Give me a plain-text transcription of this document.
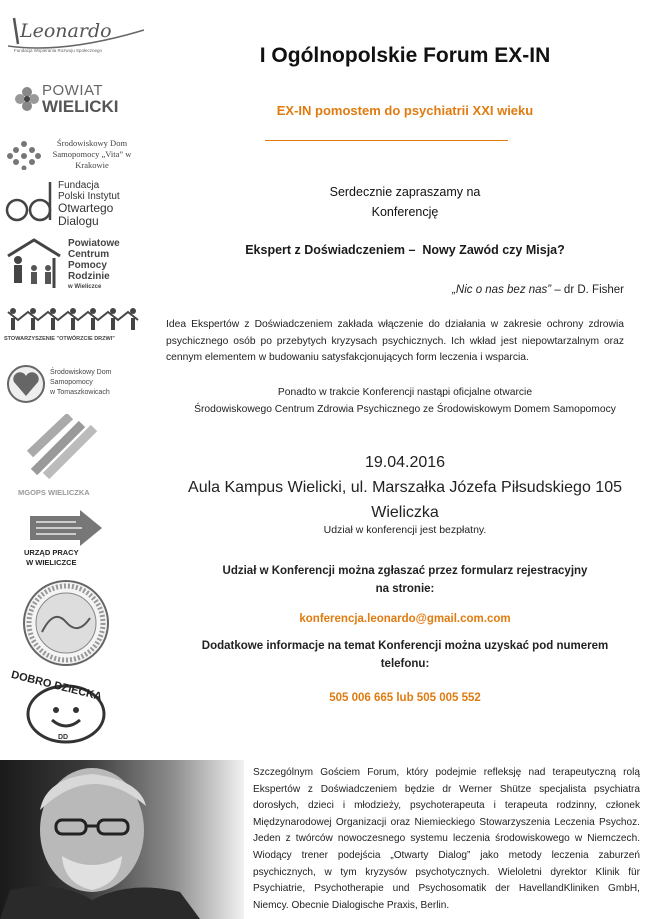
Leonardo
Fundacja Wspierania Rozwoju Społecznego
POWIAT
WIELICKI
Środowiskowy Dom Samopomocy „Vita” w Krakowie
Fundacja
Polski Instytut
Otwartego
Dialogu
Powiatowe
Centrum
Pomocy
Rodzinie
w Wieliczce
STOWARZYSZENIE "OTWÓRZCIE DRZWI"
Środowiskowy Dom
Samopomocy
w Tomaszkowicach
MGOPS WIELICZKA
URZĄD PRACY
W WIELICZCE
DOBRO DZIECKA
DD
I Ogólnopolskie Forum EX-IN
EX-IN pomostem do psychiatrii XXI wieku
Serdecznie zapraszamy na
Konferencję
Ekspert z Doświadczeniem –  Nowy Zawód czy Misja?
„Nic o nas bez nas” – dr D. Fisher
Idea Ekspertów z Doświadczeniem zakłada włączenie do działania w zakresie ochrony zdrowia psychicznego osób po przebytych kryzysach psychicznych. Ich wkład jest niepowtarzalnym oraz cennym elementem w budowaniu satysfakcjonujących form leczenia i wsparcia.
Ponadto w trakcie Konferencji nastąpi oficjalne otwarcie
Środowiskowego Centrum Zdrowia Psychicznego ze Środowiskowym Domem Samopomocy
19.04.2016
Aula Kampus Wielicki, ul. Marszałka Józefa Piłsudskiego 105
Wieliczka
Udział w konferencji jest bezpłatny.
Udział w Konferencji można zgłaszać przez formularz rejestracyjny
na stronie:
konferencja.leonardo@gmail.com.com
Dodatkowe informacje na temat Konferencji można uzyskać pod numerem
telefonu:
505 006 665 lub 505 005 552
Szczególnym Gościem Forum, który podejmie refleksję nad terapeutyczną rolą Ekspertów z Doświadczeniem będzie dr Werner Shütze specjalista psychiatra dorosłych, dzieci i młodzieży, psychoterapeuta i terapeuta rodzinny, członek Międzynarodowej Organizacji oraz Niemieckiego Stowarzyszenia Leczenia Psychoz. Jeden z twórców nowoczesnego systemu leczenia środowiskowego w Niemczech. Wiodący trener podejścia „Otwarty Dialog” jako metody leczenia zaburzeń psychicznych, w tym kryzysów psychotycznych. Wieloletni dyrektor Klinik für Psychiatrie, Psychotherapie und Psychosomatik der HavellandKliniken GmbH, Niemcy. Obecnie Dialogische Praxis, Berlin.
